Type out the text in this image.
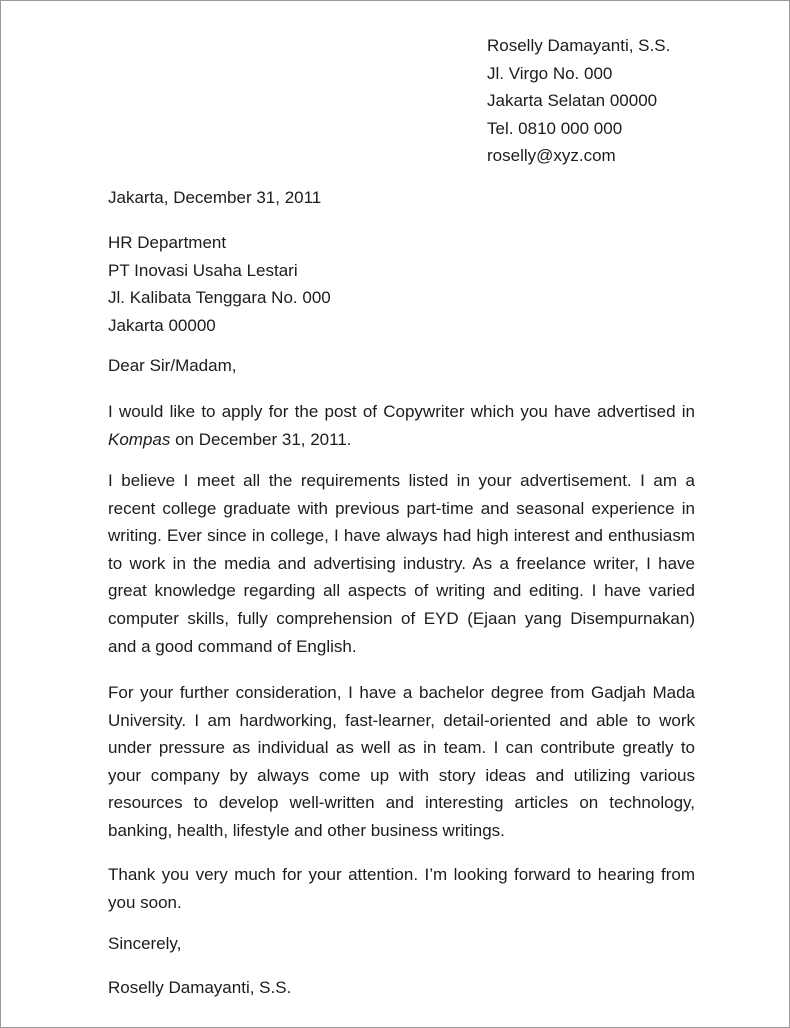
Roselly Damayanti, S.S.
Jl. Virgo No. 000
Jakarta Selatan 00000
Tel. 0810 000 000
roselly@xyz.com
Jakarta, December 31, 2011
HR Department
PT Inovasi Usaha Lestari
Jl. Kalibata Tenggara No. 000
Jakarta 00000
Dear Sir/Madam,

I would like to apply for the post of Copywriter which you have advertised in Kompas on December 31, 2011.

I believe I meet all the requirements listed in your advertisement. I am a recent college graduate with previous part-time and seasonal experience in writing. Ever since in college, I have always had high interest and enthusiasm to work in the media and advertising industry. As a freelance writer, I have great knowledge regarding all aspects of writing and editing. I have varied computer skills, fully comprehension of EYD (Ejaan yang Disempurnakan) and a good command of English.

For your further consideration, I have a bachelor degree from Gadjah Mada University. I am hardworking, fast-learner, detail-oriented and able to work under pressure as individual as well as in team. I can contribute greatly to your company by always come up with story ideas and utilizing various resources to develop well-written and interesting articles on technology, banking, health, lifestyle and other business writings.

Thank you very much for your attention. I’m looking forward to hearing from you soon.

Sincerely,
Roselly Damayanti, S.S.
